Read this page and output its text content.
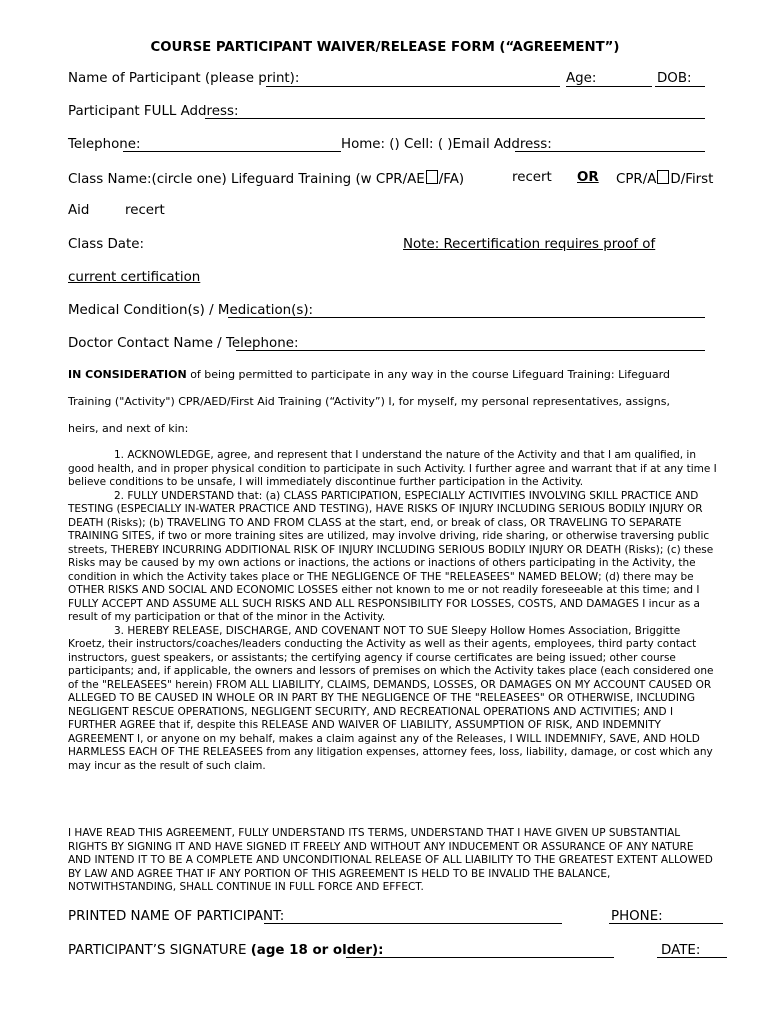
COURSE PARTICIPANT WAIVER/RELEASE FORM (“AGREEMENT”)
Name of Participant (please print):	Age:	DOB:
Participant FULL Address:
Telephone:	Home: () Cell: ( )Email Address:
Class Name:(circle one) Lifeguard Training (w CPR/AE /FA)	recert OR CPR/A D/First
Aid	recert
Class Date:	Note: Recertification requires proof of
current certification
Medical Condition(s) / Medication(s):
Doctor Contact Name / Telephone:
IN CONSIDERATION of being permitted to participate in any way in the course Lifeguard Training: Lifeguard
Training ("Activity") CPR/AED/First Aid Training (“Activity”) I, for myself, my personal representatives, assigns,
heirs, and next of kin:

1. ACKNOWLEDGE, agree, and represent that I understand the nature of the Activity and that I am qualified, in good health, and in proper physical condition to participate in such Activity. I further agree and warrant that if at any time I believe conditions to be unsafe, I will immediately discontinue further participation in the Activity.

2. FULLY UNDERSTAND that: (a) CLASS PARTICIPATION, ESPECIALLY ACTIVITIES INVOLVING SKILL PRACTICE AND TESTING (ESPECIALLY IN-WATER PRACTICE AND TESTING), HAVE RISKS OF INJURY INCLUDING SERIOUS BODILY INJURY OR DEATH (Risks); (b) TRAVELING TO AND FROM CLASS at the start, end, or break of class, OR TRAVELING TO SEPARATE TRAINING SITES, if two or more training sites are utilized, may involve driving, ride sharing, or otherwise traversing public streets, THEREBY INCURRING ADDITIONAL RISK OF INJURY INCLUDING SERIOUS BODILY INJURY OR DEATH (Risks); (c) these Risks may be caused by my own actions or inactions, the actions or inactions of others participating in the Activity, the condition in which the Activity takes place or THE NEGLIGENCE OF THE "RELEASEES" NAMED BELOW; (d) there may be OTHER RISKS AND SOCIAL AND ECONOMIC LOSSES either not known to me or not readily foreseeable at this time; and I FULLY ACCEPT AND ASSUME ALL SUCH RISKS AND ALL RESPONSIBILITY FOR LOSSES, COSTS, AND DAMAGES I incur as a result of my participation or that of the minor in the Activity.

3. HEREBY RELEASE, DISCHARGE, AND COVENANT NOT TO SUE Sleepy Hollow Homes Association, Briggitte Kroetz, their instructors/coaches/leaders conducting the Activity as well as their agents, employees, third party contact instructors, guest speakers, or assistants; the certifying agency if course certificates are being issued; other course participants; and, if applicable, the owners and lessors of premises on which the Activity takes place (each considered one of the "RELEASEES" herein) FROM ALL LIABILITY, CLAIMS, DEMANDS, LOSSES, OR DAMAGES ON MY ACCOUNT CAUSED OR ALLEGED TO BE CAUSED IN WHOLE OR IN PART BY THE NEGLIGENCE OF THE "RELEASEES" OR OTHERWISE, INCLUDING NEGLIGENT RESCUE OPERATIONS, NEGLIGENT SECURITY, AND RECREATIONAL OPERATIONS AND ACTIVITIES; AND I FURTHER AGREE that if, despite this RELEASE AND WAIVER OF LIABILITY, ASSUMPTION OF RISK, AND INDEMNITY AGREEMENT I, or anyone on my behalf, makes a claim against any of the Releases, I WILL INDEMNIFY, SAVE, AND HOLD HARMLESS EACH OF THE RELEASEES from any litigation expenses, attorney fees, loss, liability, damage, or cost which any may incur as the result of such claim.

I HAVE READ THIS AGREEMENT, FULLY UNDERSTAND ITS TERMS, UNDERSTAND THAT I HAVE GIVEN UP SUBSTANTIAL RIGHTS BY SIGNING IT AND HAVE SIGNED IT FREELY AND WITHOUT ANY INDUCEMENT OR ASSURANCE OF ANY NATURE AND INTEND IT TO BE A COMPLETE AND UNCONDITIONAL RELEASE OF ALL LIABILITY TO THE GREATEST EXTENT ALLOWED BY LAW AND AGREE THAT IF ANY PORTION OF THIS AGREEMENT IS HELD TO BE INVALID THE BALANCE, NOTWITHSTANDING, SHALL CONTINUE IN FULL FORCE AND EFFECT.
PRINTED NAME OF PARTICIPANT:	PHONE:
PARTICIPANT’S SIGNATURE (age 18 or older):	DATE:
